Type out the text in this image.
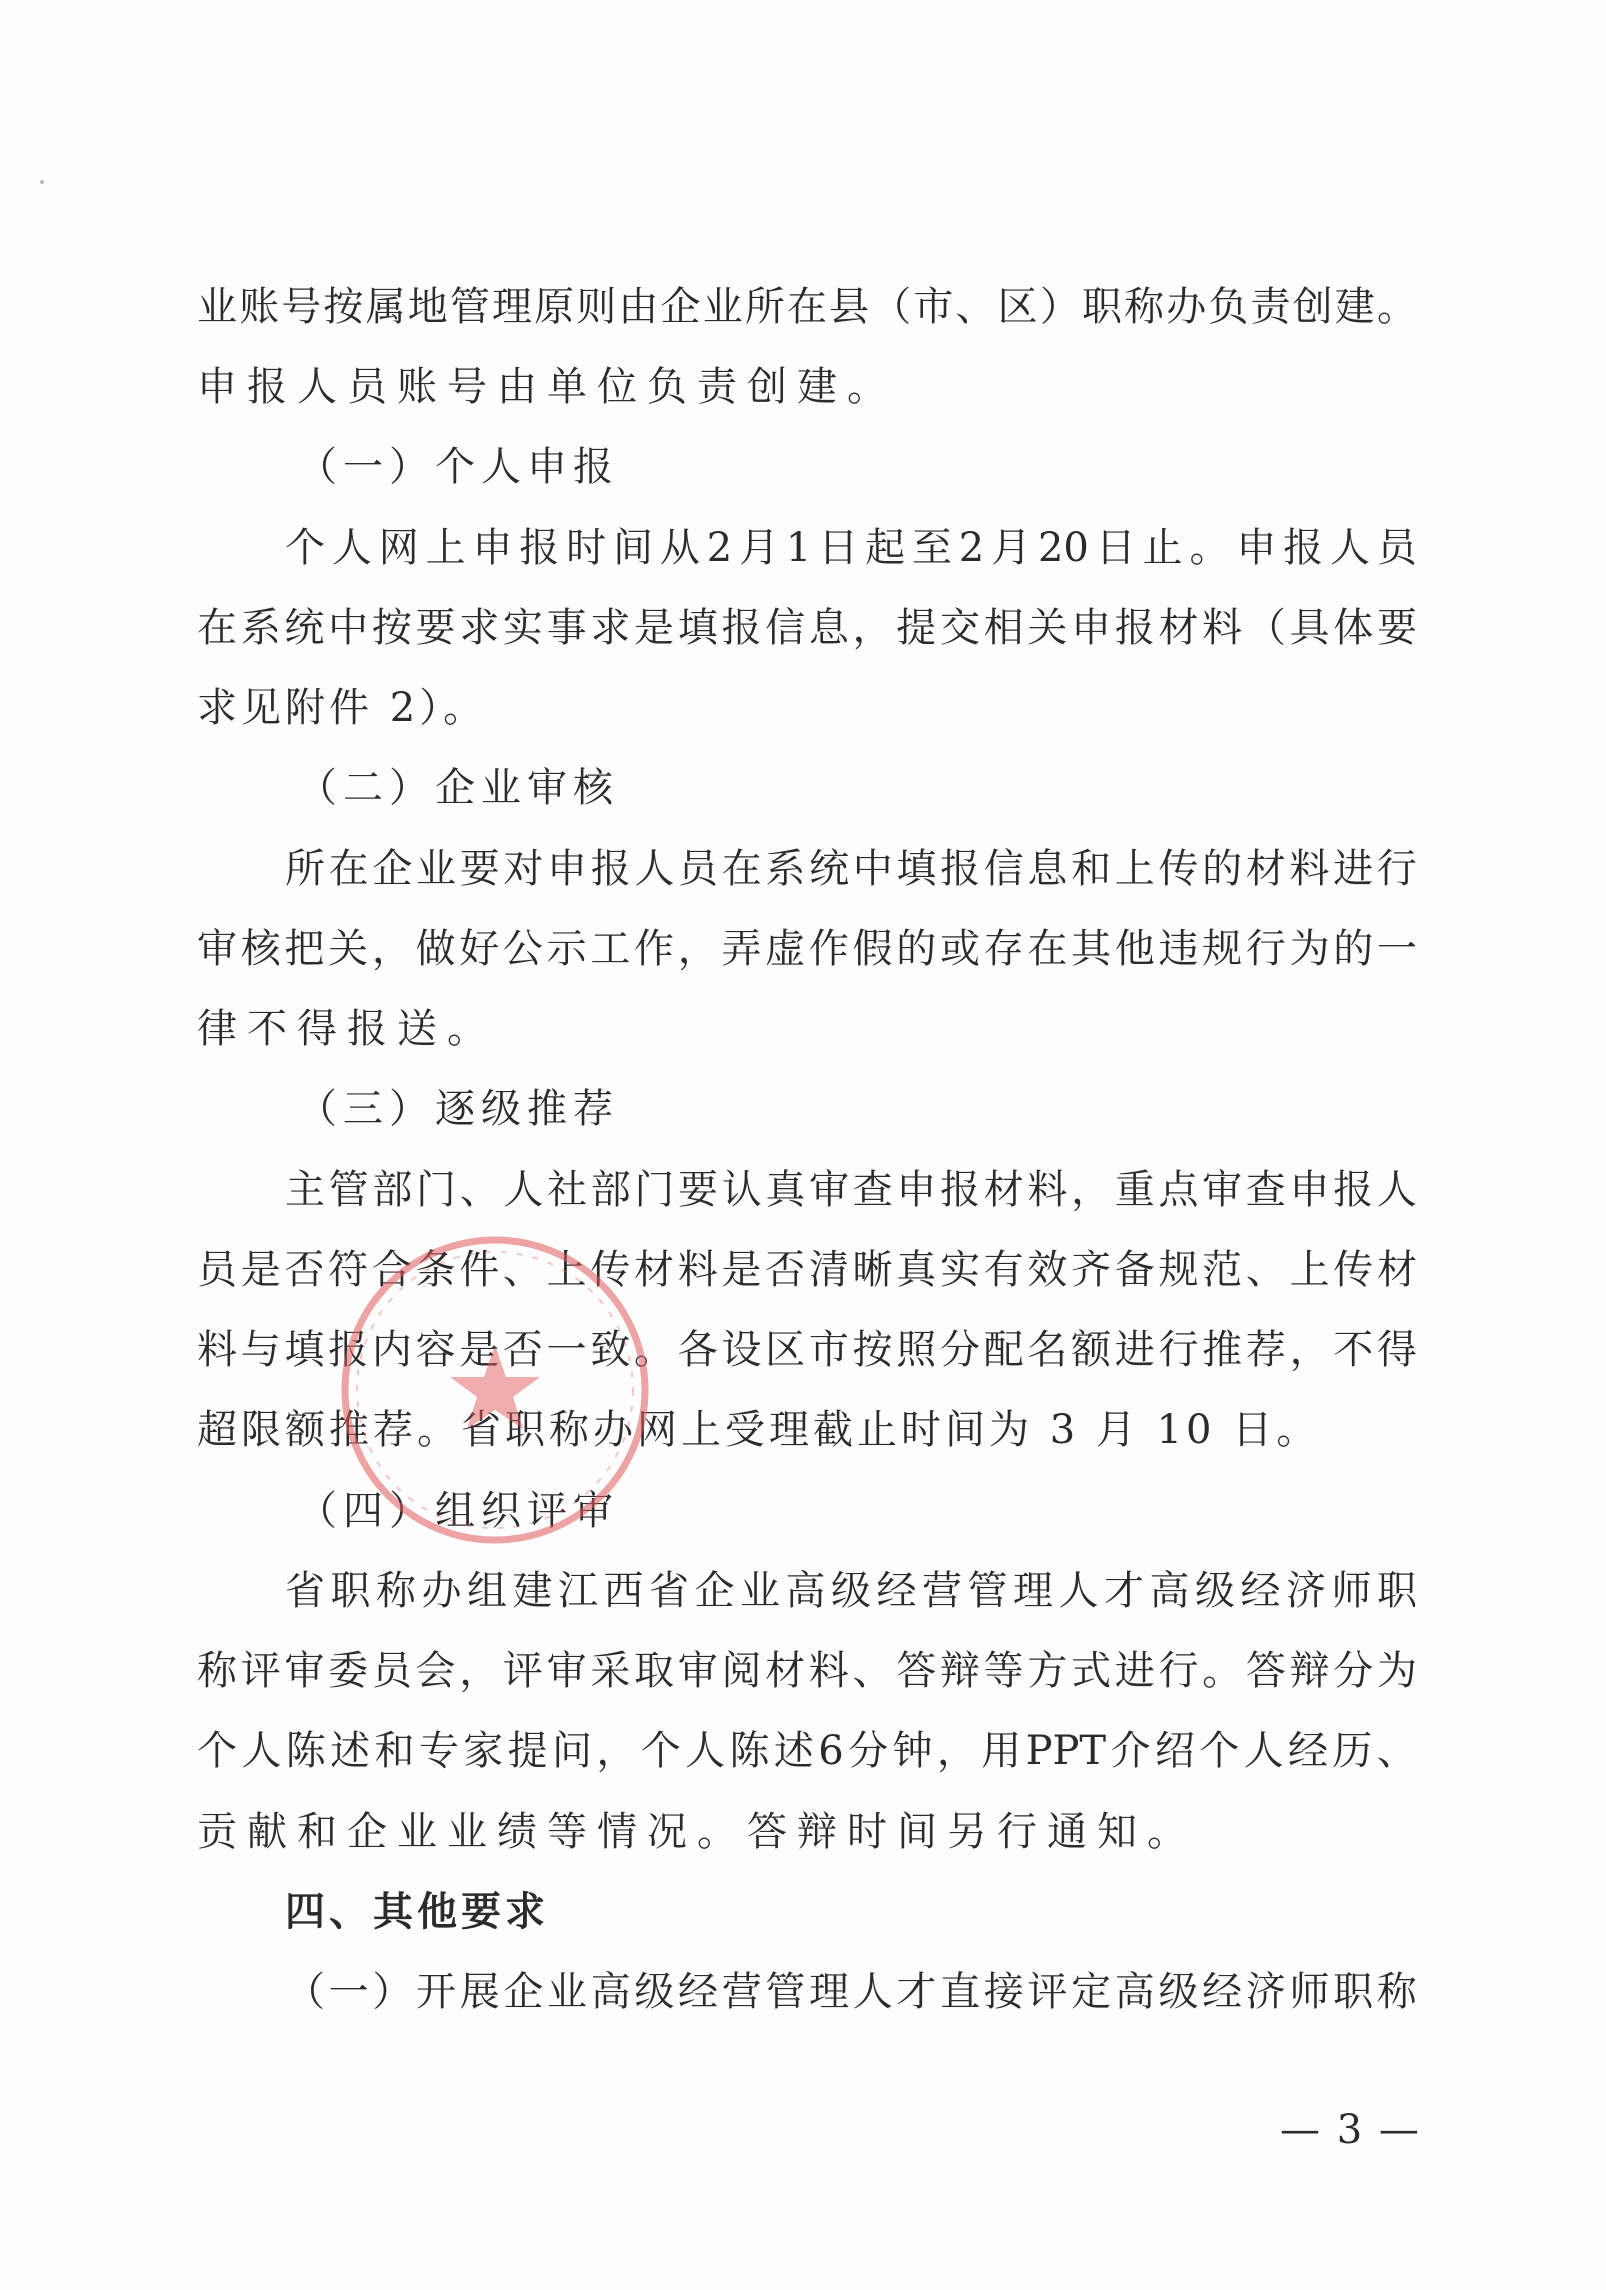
业 账 号 按 属 地 管 理 原 则 由 企 业 所 在 县 （ 市 、 区 ） 职 称 办 负 责 创 建 。
申报人员账号由单位负责创建。
（一）个人申报
个 人 网 上 申 报 时 间 从 2 月 1 日 起 至 2 月 20 日 止 。 申 报 人 员
在 系 统 中 按 要 求 实 事 求 是 填 报 信 息 ， 提 交 相 关 申 报 材 料 （ 具 体 要
求见附件 2）。
（二）企业审核
所 在 企 业 要 对 申 报 人 员 在 系 统 中 填 报 信 息 和 上 传 的 材 料 进 行
审 核 把 关 ， 做 好 公 示 工 作 ， 弄 虚 作 假 的 或 存 在 其 他 违 规 行 为 的 一
律不得报送。
（三）逐级推荐
主 管 部 门 、 人 社 部 门 要 认 真 审 查 申 报 材 料 ， 重 点 审 查 申 报 人
员 是 否 符 合 条 件 、 上 传 材 料 是 否 清 晰 真 实 有 效 齐 备 规 范 、 上 传 材
料 与 填 报 内 容 是 否 一 致 。 各 设 区 市 按 照 分 配 名 额 进 行 推 荐 ， 不 得
超限额推荐。省职称办网上受理截止时间为 3 月 10 日。
（四）组织评审
省 职 称 办 组 建 江 西 省 企 业 高 级 经 营 管 理 人 才 高 级 经 济 师 职
称 评 审 委 员 会 ， 评 审 采 取 审 阅 材 料 、 答 辩 等 方 式 进 行 。 答 辩 分 为
个 人 陈 述 和 专 家 提 问 ， 个 人 陈 述 6 分 钟 ， 用 PPT 介 绍 个 人 经 历 、
贡献和企业业绩等情况。答辩时间另行通知。
四、其他要求
（ 一 ） 开 展 企 业 高 级 经 营 管 理 人 才 直 接 评 定 高 级 经 济 师 职 称
— 3 —
